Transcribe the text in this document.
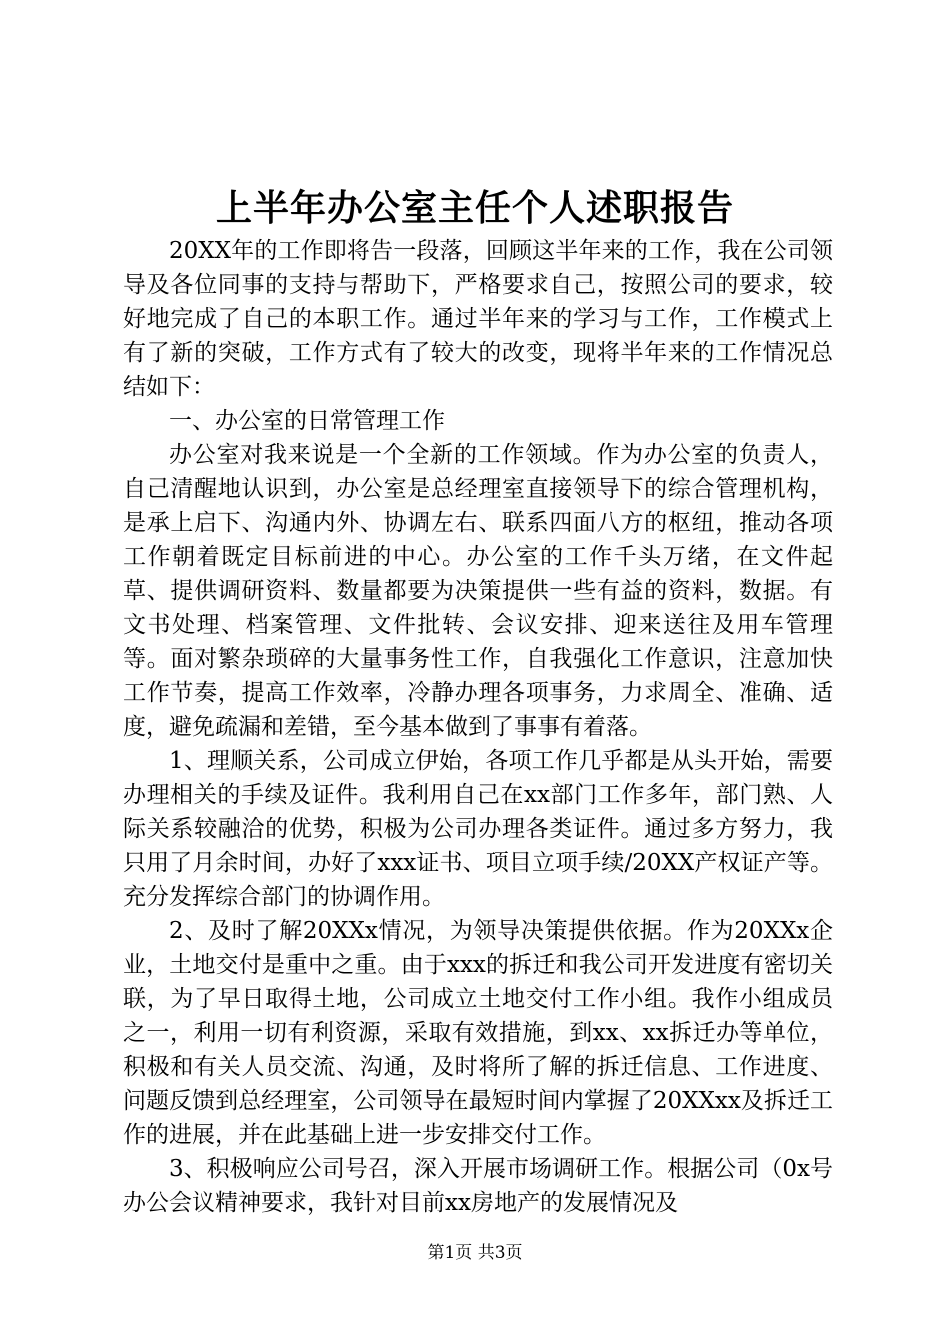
上半年办公室主任个人述职报告

20XX年的工作即将告一段落，回顾这半年来的工作，我在公司领导及各位同事的支持与帮助下，严格要求自己，按照公司的要求，较好地完成了自己的本职工作。通过半年来的学习与工作，工作模式上有了新的突破，工作方式有了较大的改变，现将半年来的工作情况总结如下：

一、办公室的日常管理工作

办公室对我来说是一个全新的工作领域。作为办公室的负责人，自己清醒地认识到，办公室是总经理室直接领导下的综合管理机构，是承上启下、沟通内外、协调左右、联系四面八方的枢纽，推动各项工作朝着既定目标前进的中心。办公室的工作千头万绪，在文件起草、提供调研资料、数量都要为决策提供一些有益的资料，数据。有文书处理、档案管理、文件批转、会议安排、迎来送往及用车管理等。面对繁杂琐碎的大量事务性工作，自我强化工作意识，注意加快工作节奏，提高工作效率，冷静办理各项事务，力求周全、准确、适度，避免疏漏和差错，至今基本做到了事事有着落。

1、理顺关系，公司成立伊始，各项工作几乎都是从头开始，需要办理相关的手续及证件。我利用自己在xx部门工作多年，部门熟、人际关系较融洽的优势，积极为公司办理各类证件。通过多方努力，我只用了月余时间，办好了xxx证书、项目立项手续/20XX产权证产等。充分发挥综合部门的协调作用。

2、及时了解20XXx情况，为领导决策提供依据。作为20XXx企业，土地交付是重中之重。由于xxx的拆迁和我公司开发进度有密切关联，为了早日取得土地，公司成立土地交付工作小组。我作小组成员之一，利用一切有利资源，采取有效措施，到xx、xx拆迁办等单位，积极和有关人员交流、沟通，及时将所了解的拆迁信息、工作进度、问题反馈到总经理室，公司领导在最短时间内掌握了20XXxx及拆迁工作的进展，并在此基础上进一步安排交付工作。

3、积极响应公司号召，深入开展市场调研工作。根据公司（0x号办公会议精神要求，我针对目前xx房地产的发展情况及

第1页 共3页
